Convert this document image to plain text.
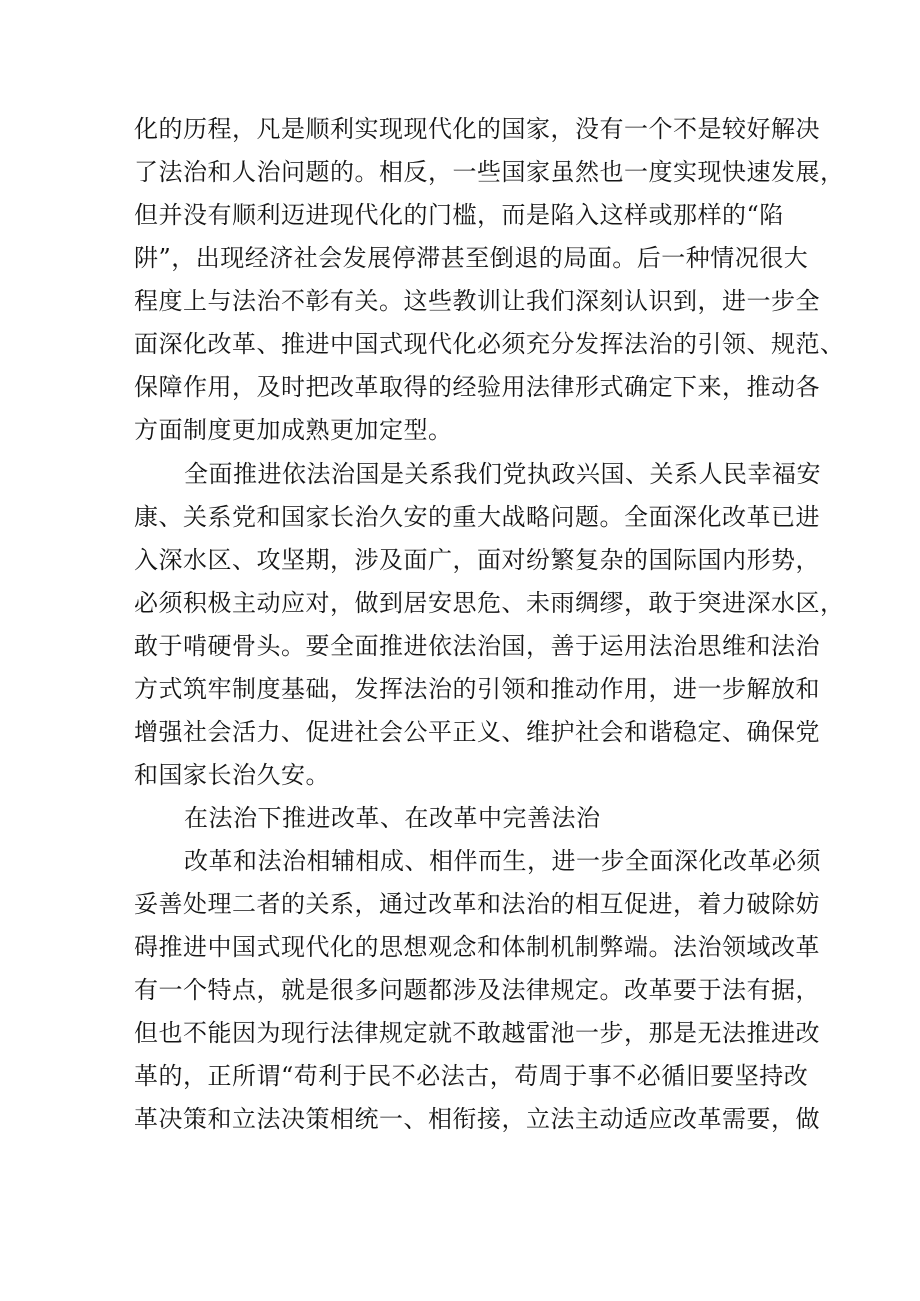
化的历程，凡是顺利实现现代化的国家，没有一个不是较好解决
了法治和人治问题的。相反，一些国家虽然也一度实现快速发展，
但并没有顺利迈进现代化的门槛，而是陷入这样或那样的“陷
阱”，出现经济社会发展停滞甚至倒退的局面。后一种情况很大
程度上与法治不彰有关。这些教训让我们深刻认识到，进一步全
面深化改革、推进中国式现代化必须充分发挥法治的引领、规范、
保障作用，及时把改革取得的经验用法律形式确定下来，推动各
方面制度更加成熟更加定型。
全面推进依法治国是关系我们党执政兴国、关系人民幸福安
康、关系党和国家长治久安的重大战略问题。全面深化改革已进
入深水区、攻坚期，涉及面广，面对纷繁复杂的国际国内形势，
必须积极主动应对，做到居安思危、未雨绸缪，敢于突进深水区，
敢于啃硬骨头。要全面推进依法治国，善于运用法治思维和法治
方式筑牢制度基础，发挥法治的引领和推动作用，进一步解放和
增强社会活力、促进社会公平正义、维护社会和谐稳定、确保党
和国家长治久安。
在法治下推进改革、在改革中完善法治
改革和法治相辅相成、相伴而生，进一步全面深化改革必须
妥善处理二者的关系，通过改革和法治的相互促进，着力破除妨
碍推进中国式现代化的思想观念和体制机制弊端。法治领域改革
有一个特点，就是很多问题都涉及法律规定。改革要于法有据，
但也不能因为现行法律规定就不敢越雷池一步，那是无法推进改
革的，正所谓“苟利于民不必法古，苟周于事不必循旧要坚持改
革决策和立法决策相统一、相衔接，立法主动适应改革需要，做
